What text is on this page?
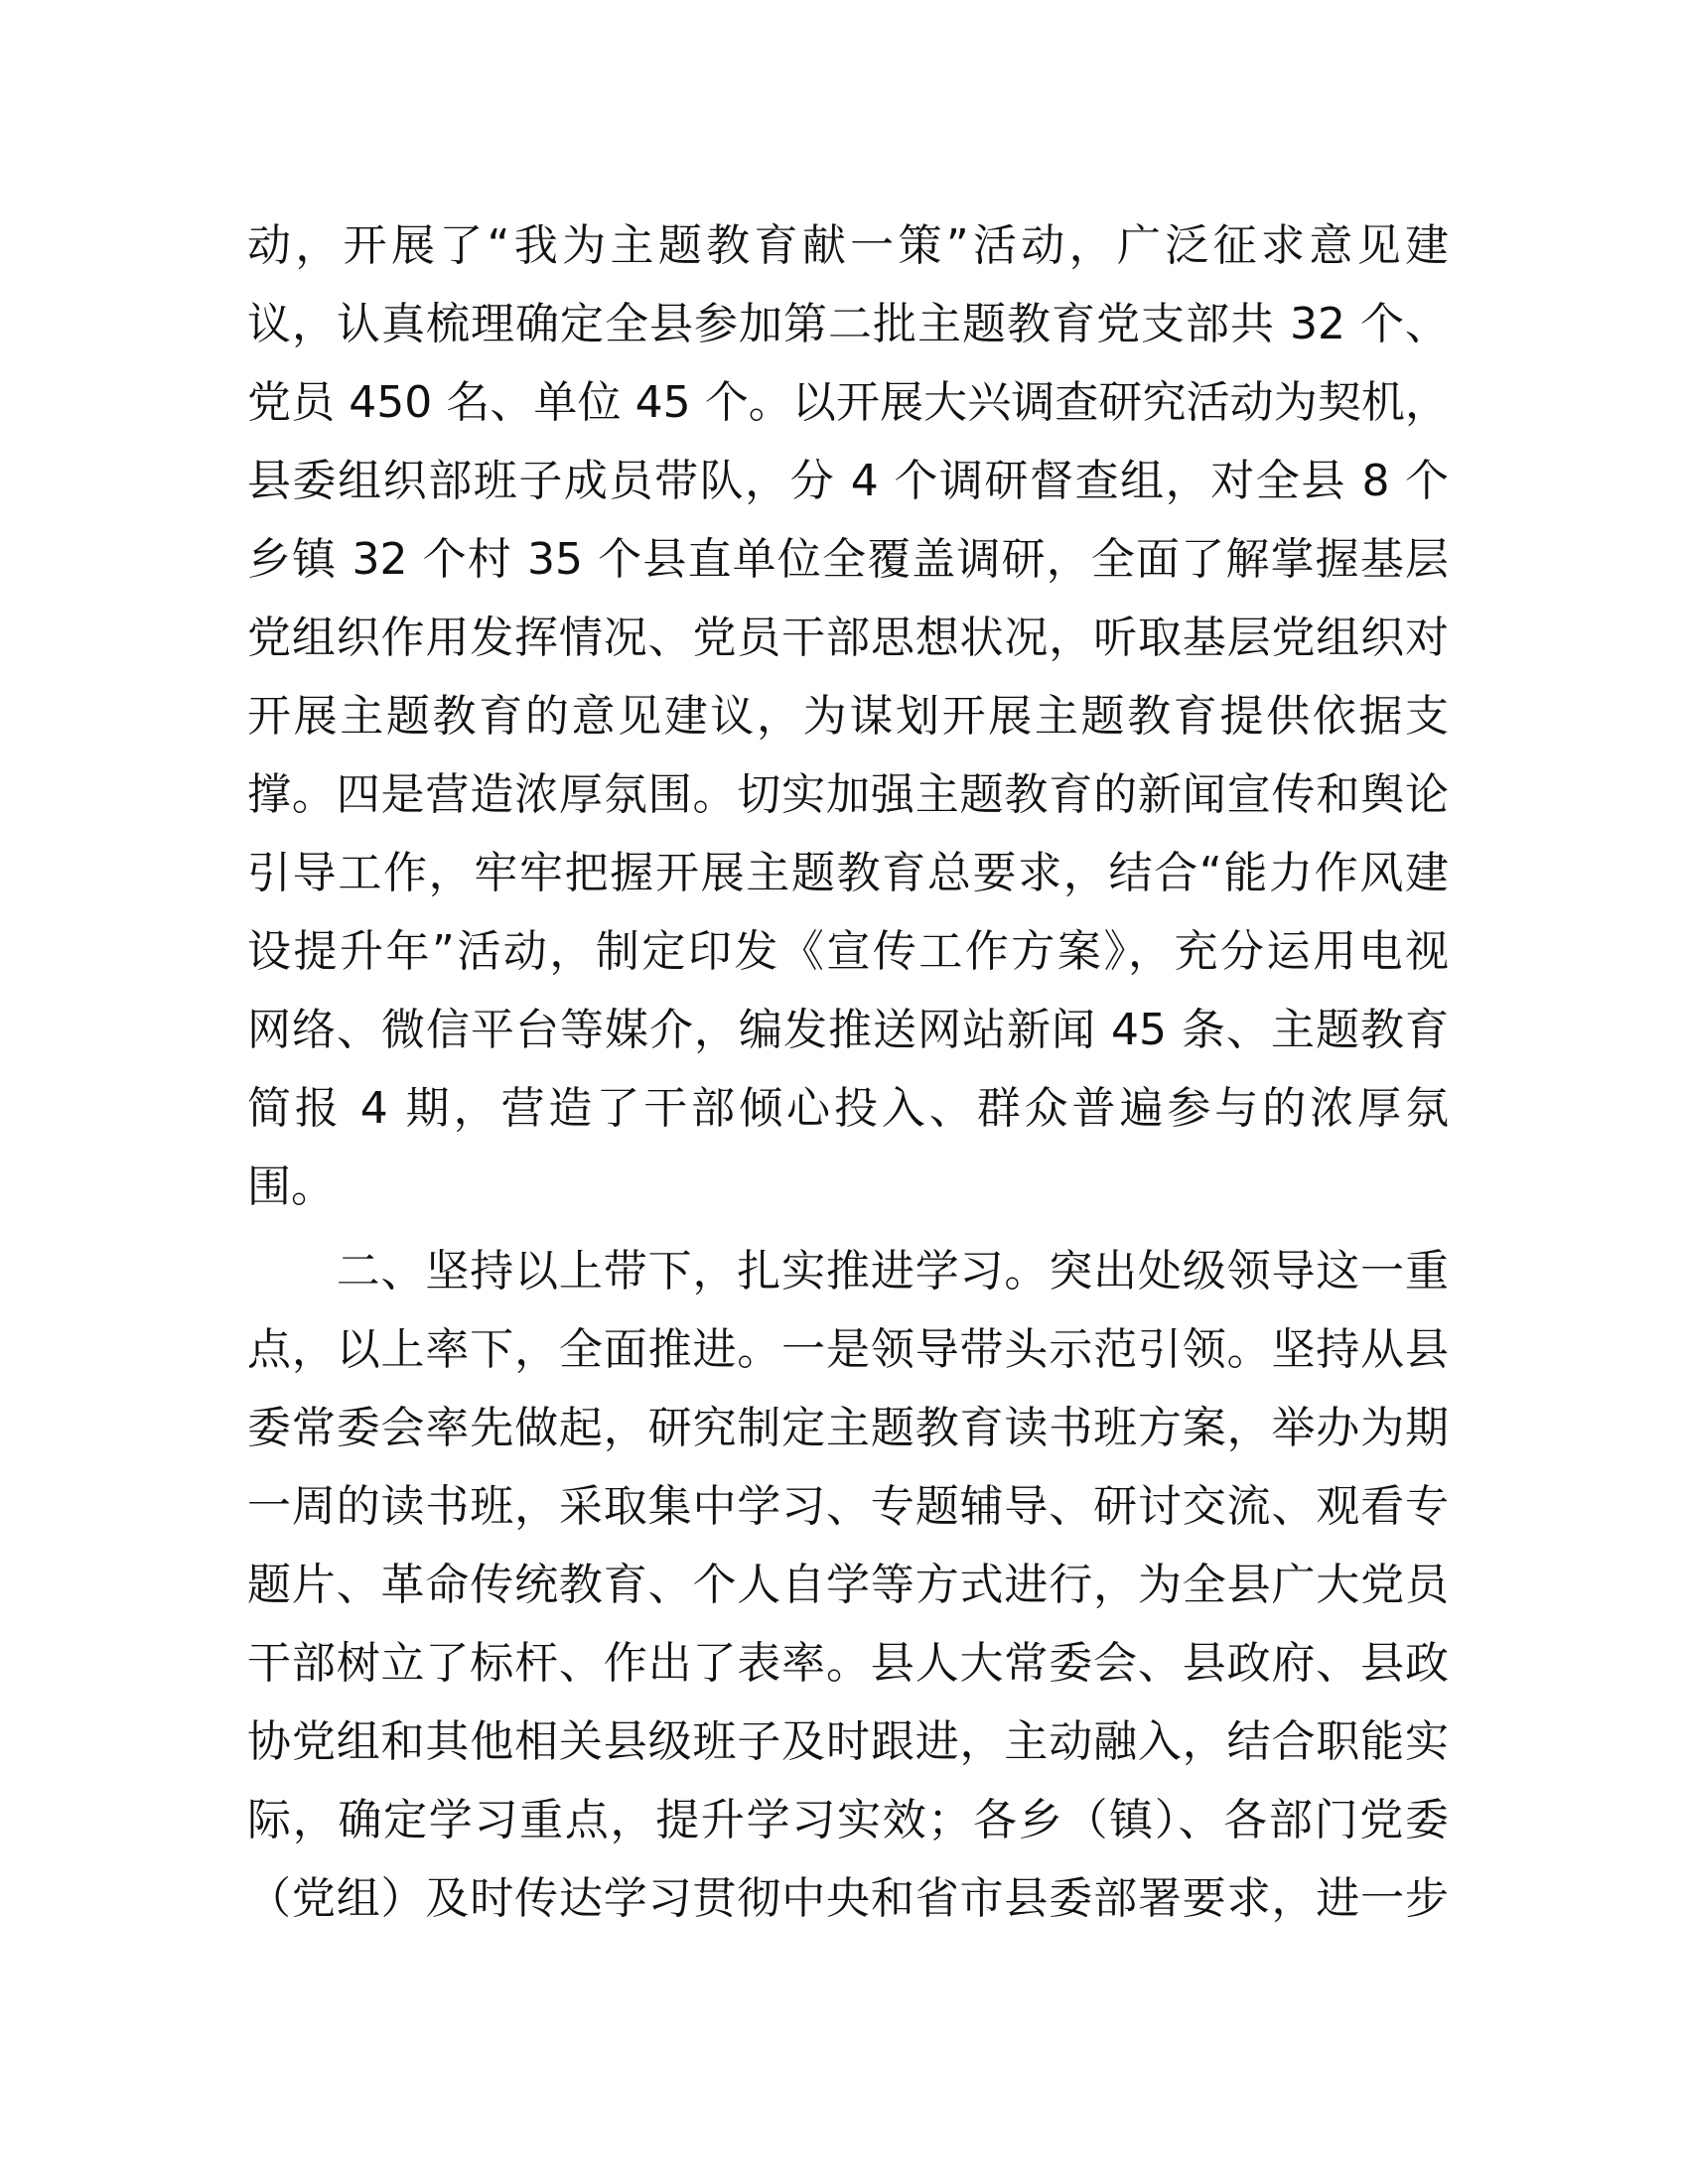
动，开展了“我为主题教育献一策”活动，广泛征求意见建
议，认真梳理确定全县参加第二批主题教育党支部共 32 个、
党员 450 名、单位 45 个。以开展大兴调查研究活动为契机，
县委组织部班子成员带队，分 4 个调研督查组，对全县 8 个
乡镇 32 个村 35 个县直单位全覆盖调研，全面了解掌握基层
党组织作用发挥情况、党员干部思想状况，听取基层党组织对
开展主题教育的意见建议，为谋划开展主题教育提供依据支
撑。四是营造浓厚氛围。切实加强主题教育的新闻宣传和舆论
引导工作，牢牢把握开展主题教育总要求，结合“能力作风建
设提升年”活动，制定印发《宣传工作方案》，充分运用电视
网络、微信平台等媒介，编发推送网站新闻 45 条、主题教育
简报 4 期，营造了干部倾心投入、群众普遍参与的浓厚氛
围。
　　二、坚持以上带下，扎实推进学习。突出处级领导这一重
点，以上率下，全面推进。一是领导带头示范引领。坚持从县
委常委会率先做起，研究制定主题教育读书班方案，举办为期
一周的读书班，采取集中学习、专题辅导、研讨交流、观看专
题片、革命传统教育、个人自学等方式进行，为全县广大党员
干部树立了标杆、作出了表率。县人大常委会、县政府、县政
协党组和其他相关县级班子及时跟进，主动融入，结合职能实
际，确定学习重点，提升学习实效；各乡（镇）、各部门党委
（党组）及时传达学习贯彻中央和省市县委部署要求，进一步
